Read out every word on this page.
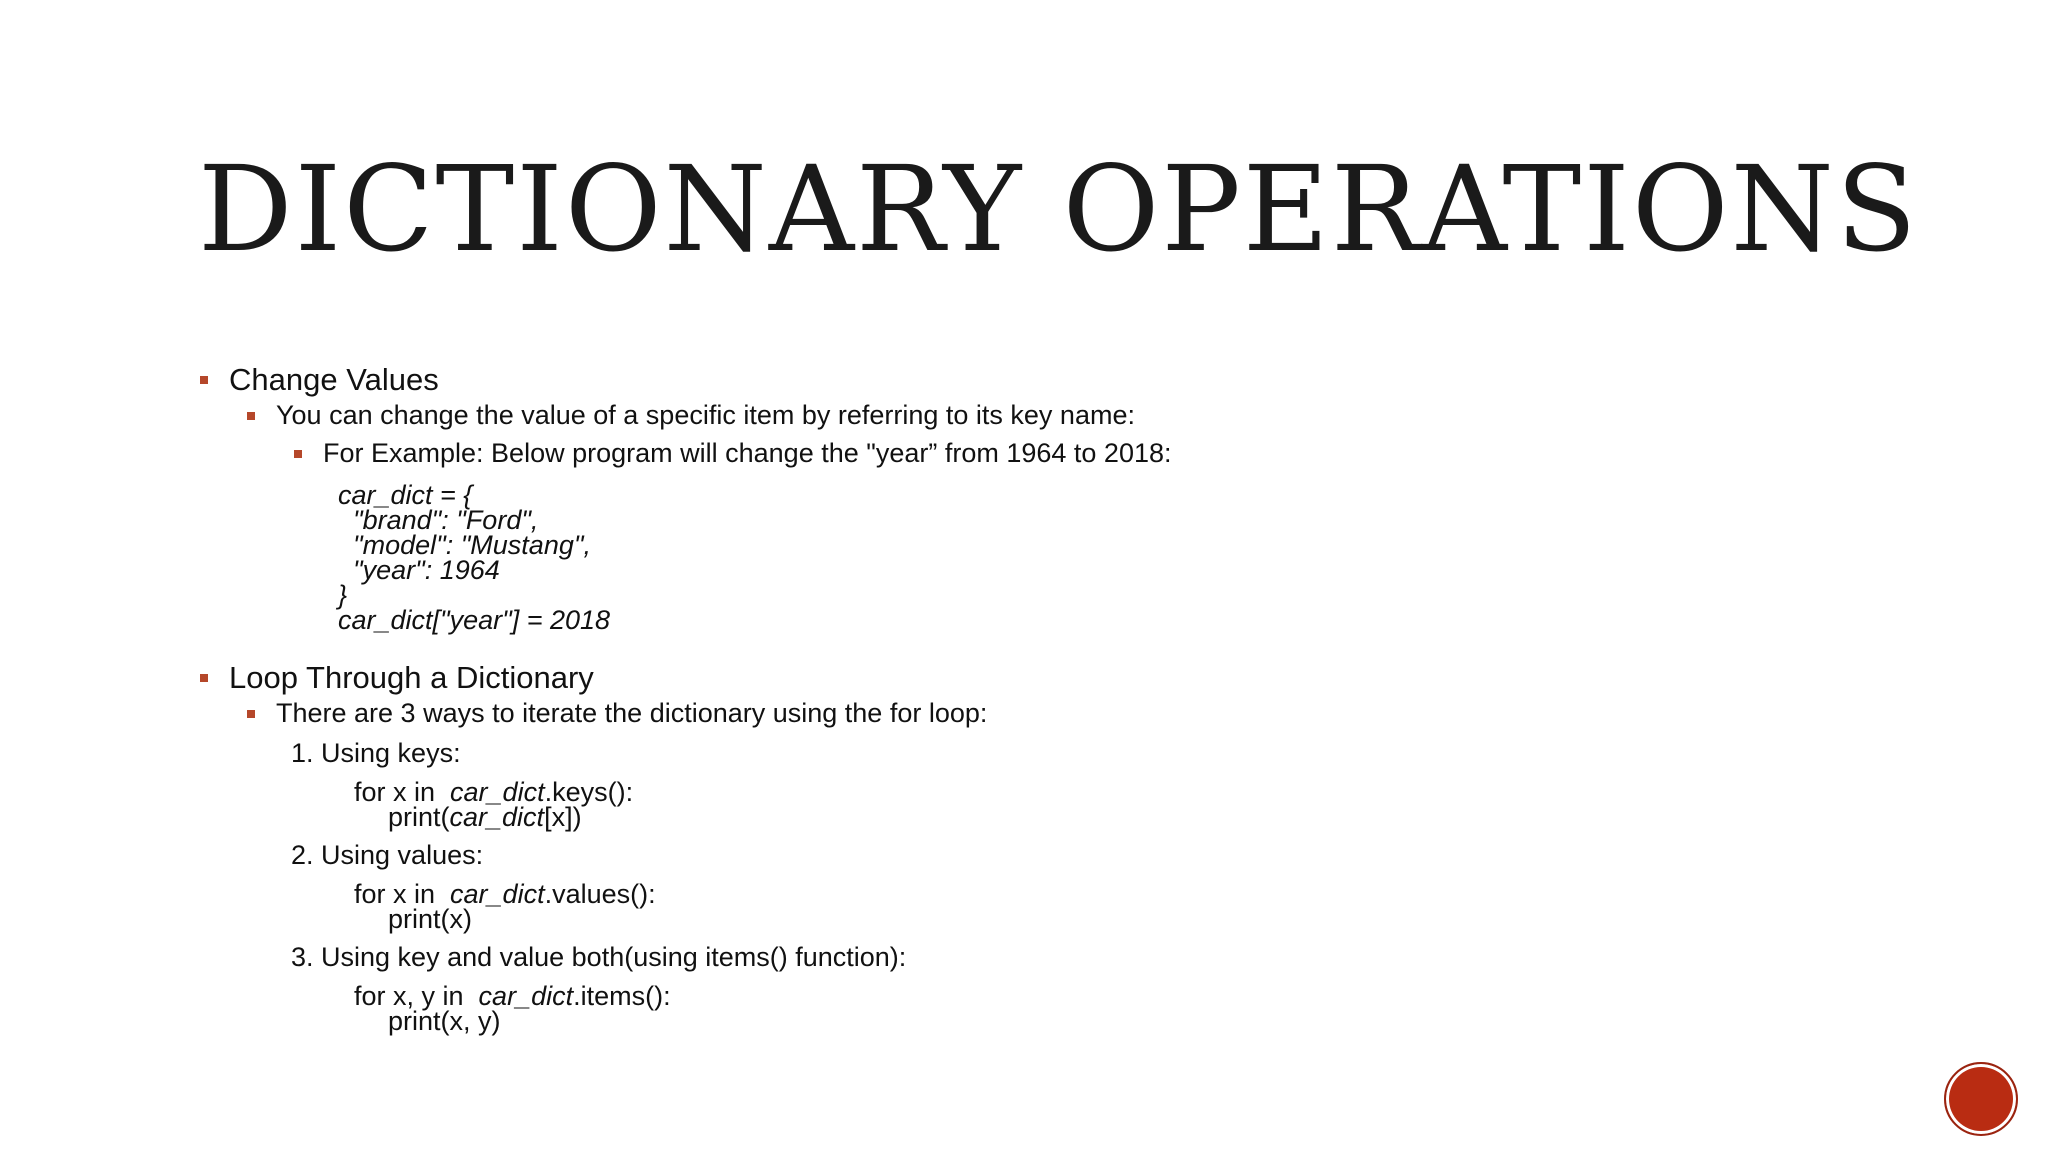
DICTIONARY OPERATIONS
Change Values
You can change the value of a specific item by referring to its key name:
For Example: Below program will change the "year” from 1964 to 2018:
car_dict = {
"brand": "Ford",
"model": "Mustang",
"year": 1964
}
car_dict["year"] = 2018
Loop Through a Dictionary
There are 3 ways to iterate the dictionary using the for loop:
1. Using keys:
for x in  car_dict.keys():
print(car_dict[x])
2. Using values:
for x in  car_dict.values():
print(x)
3. Using key and value both(using items() function):
for x, y in  car_dict.items():
print(x, y)
